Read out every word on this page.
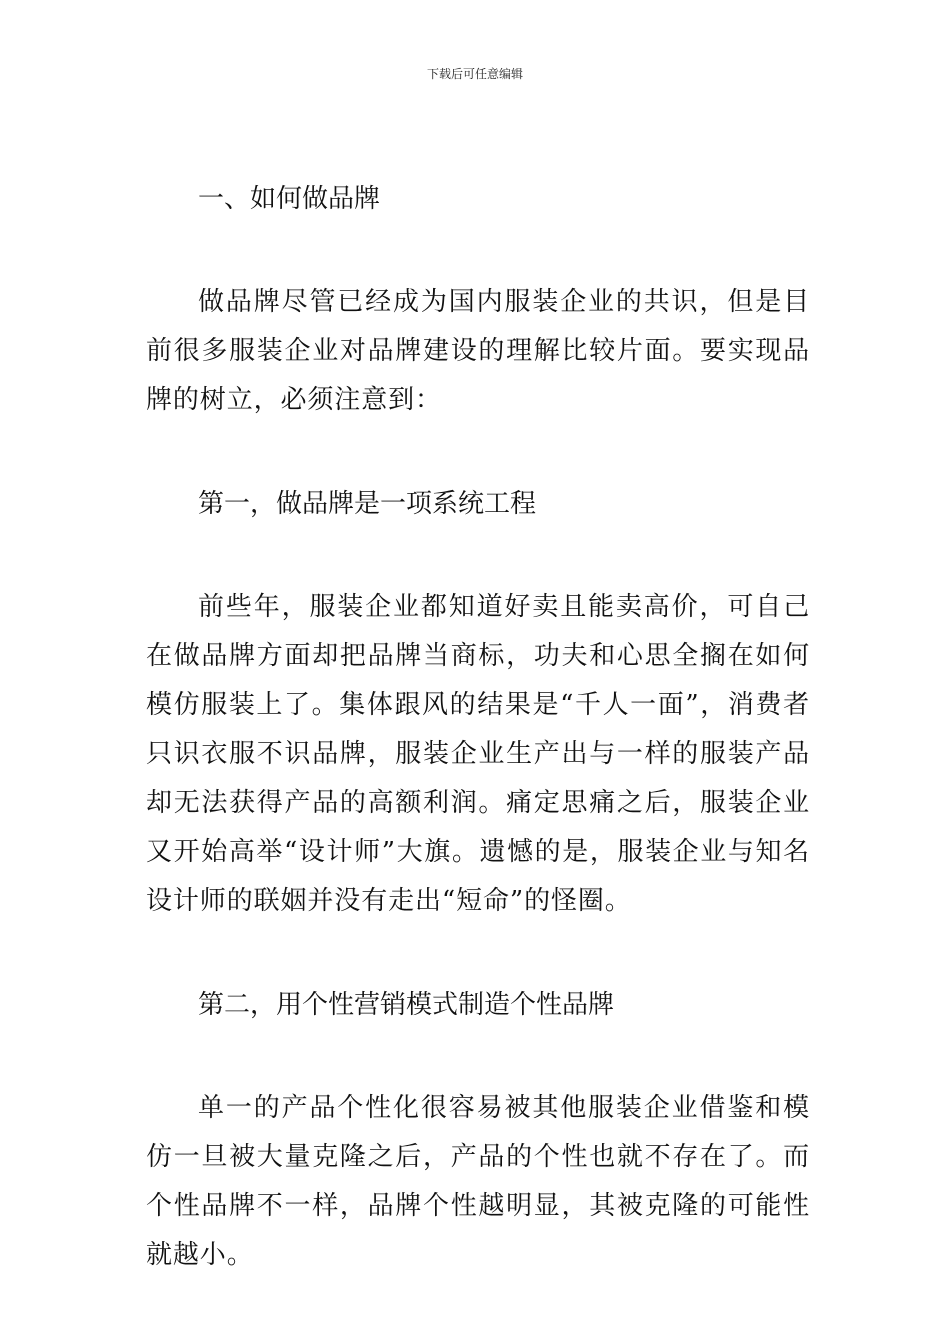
下载后可任意编辑
一、如何做品牌

做品牌尽管已经成为国内服装企业的共识，但是目前很多服装企业对品牌建设的理解比较片面。要实现品牌的树立，必须注意到：

第一，做品牌是一项系统工程

前些年，服装企业都知道好卖且能卖高价，可自己在做品牌方面却把品牌当商标，功夫和心思全搁在如何模仿服装上了。集体跟风的结果是“千人一面”，消费者只识衣服不识品牌，服装企业生产出与一样的服装产品却无法获得产品的高额利润。痛定思痛之后，服装企业又开始高举“设计师”大旗。遗憾的是，服装企业与知名设计师的联姻并没有走出“短命”的怪圈。

第二，用个性营销模式制造个性品牌

单一的产品个性化很容易被其他服装企业借鉴和模仿一旦被大量克隆之后，产品的个性也就不存在了。而个性品牌不一样，品牌个性越明显，其被克隆的可能性就越小。
